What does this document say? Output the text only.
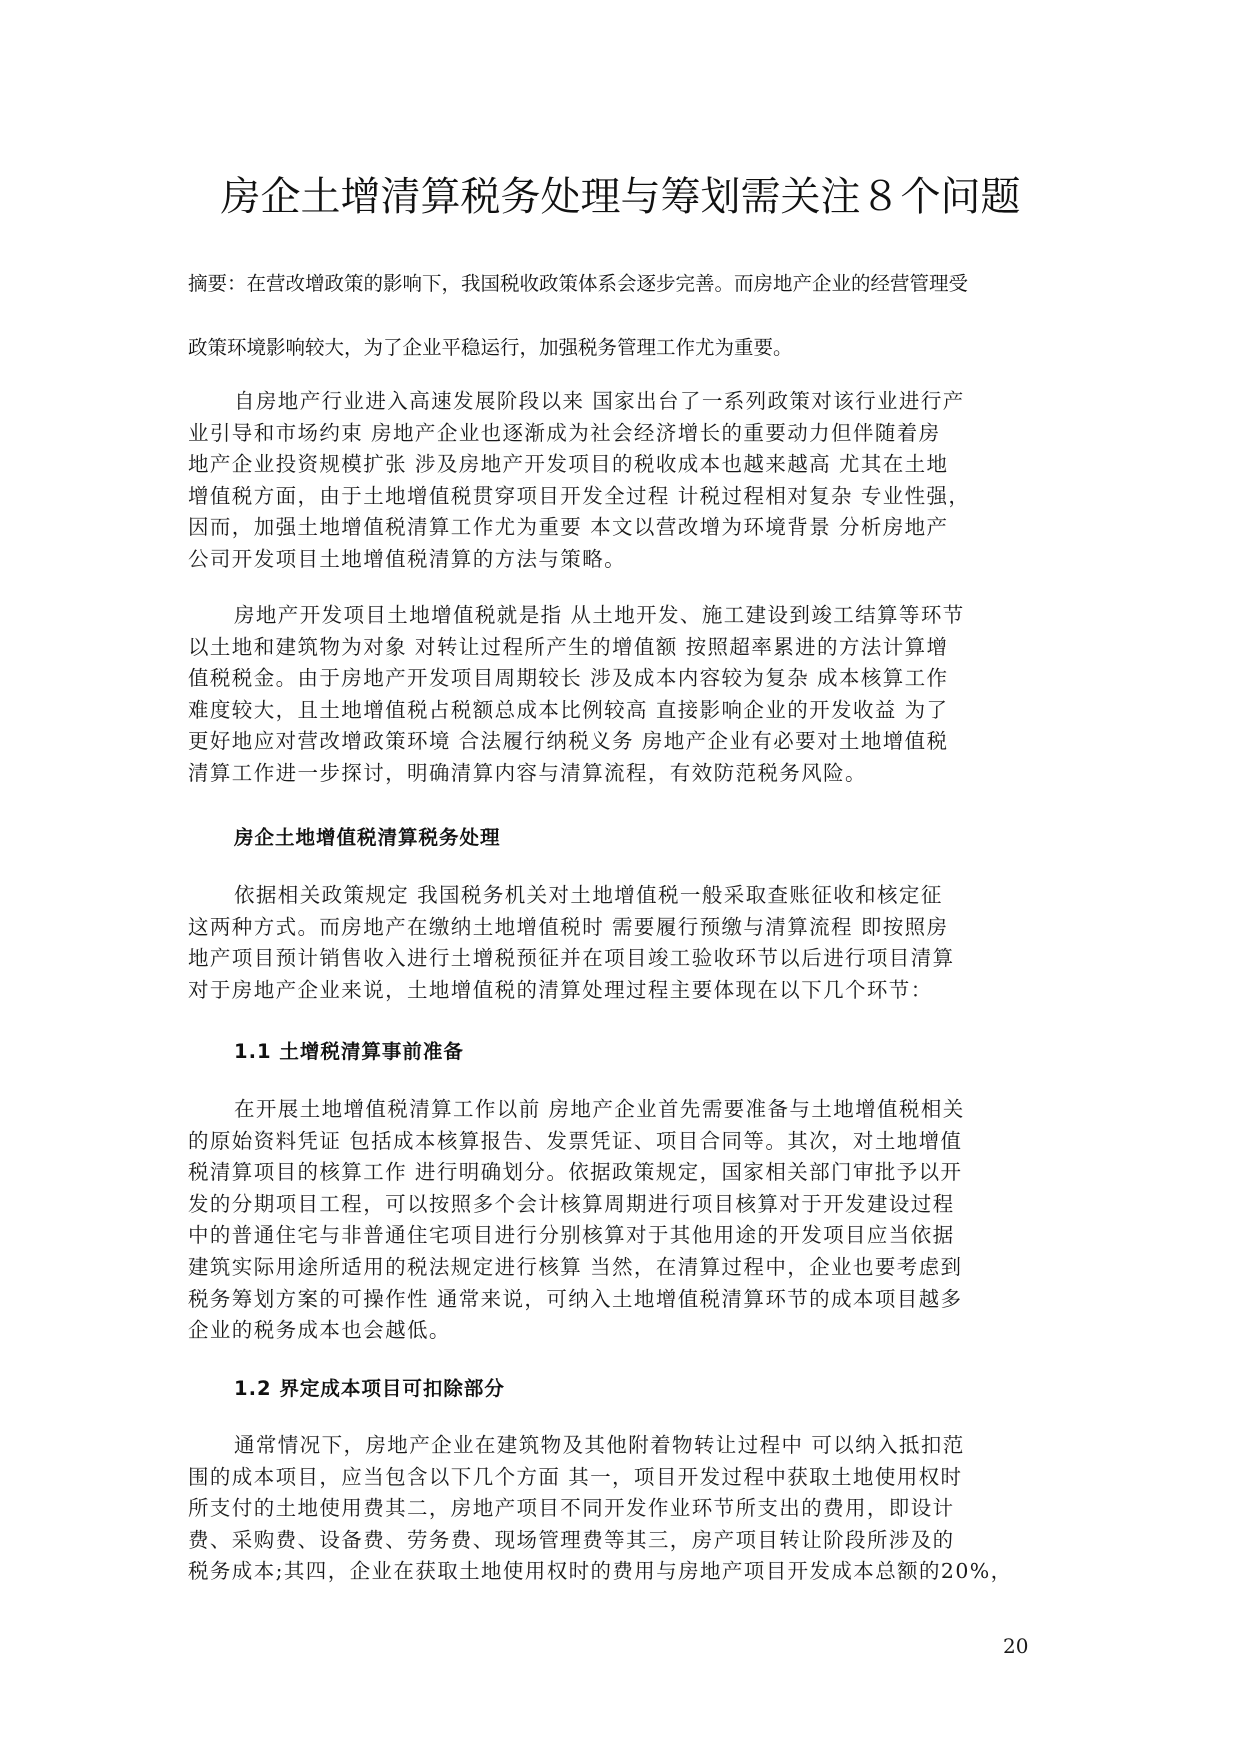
房企土增清算税务处理与筹划需关注８个问题
摘要：在营改增政策的影响下，我国税收政策体系会逐步完善。而房地产企业的经营管理受
政策环境影响较大，为了企业平稳运行，加强税务管理工作尤为重要。
自房地产行业进入高速发展阶段以来 国家出台了一系列政策对该行业进行产
业引导和市场约束 房地产企业也逐渐成为社会经济增长的重要动力但伴随着房
地产企业投资规模扩张 涉及房地产开发项目的税收成本也越来越高 尤其在土地
增值税方面，由于土地增值税贯穿项目开发全过程 计税过程相对复杂 专业性强，
因而，加强土地增值税清算工作尤为重要 本文以营改增为环境背景 分析房地产
公司开发项目土地增值税清算的方法与策略。
房地产开发项目土地增值税就是指 从土地开发、施工建设到竣工结算等环节
以土地和建筑物为对象 对转让过程所产生的增值额 按照超率累进的方法计算增
值税税金。由于房地产开发项目周期较长 涉及成本内容较为复杂 成本核算工作
难度较大，且土地增值税占税额总成本比例较高 直接影响企业的开发收益 为了
更好地应对营改增政策环境 合法履行纳税义务 房地产企业有必要对土地增值税
清算工作进一步探讨，明确清算内容与清算流程，有效防范税务风险。
房企土地增值税清算税务处理
依据相关政策规定 我国税务机关对土地增值税一般采取查账征收和核定征
这两种方式。而房地产在缴纳土地增值税时 需要履行预缴与清算流程 即按照房
地产项目预计销售收入进行土增税预征并在项目竣工验收环节以后进行项目清算
对于房地产企业来说，土地增值税的清算处理过程主要体现在以下几个环节：
1.1 土增税清算事前准备
在开展土地增值税清算工作以前 房地产企业首先需要准备与土地增值税相关
的原始资料凭证 包括成本核算报告、发票凭证、项目合同等。其次，对土地增值
税清算项目的核算工作 进行明确划分。依据政策规定，国家相关部门审批予以开
发的分期项目工程，可以按照多个会计核算周期进行项目核算对于开发建设过程
中的普通住宅与非普通住宅项目进行分别核算对于其他用途的开发项目应当依据
建筑实际用途所适用的税法规定进行核算 当然，在清算过程中，企业也要考虑到
税务筹划方案的可操作性 通常来说，可纳入土地增值税清算环节的成本项目越多
企业的税务成本也会越低。
1.2 界定成本项目可扣除部分
通常情况下，房地产企业在建筑物及其他附着物转让过程中 可以纳入抵扣范
围的成本项目，应当包含以下几个方面 其一，项目开发过程中获取土地使用权时
所支付的土地使用费其二，房地产项目不同开发作业环节所支出的费用，即设计
费、采购费、设备费、劳务费、现场管理费等其三，房产项目转让阶段所涉及的
税务成本;其四，企业在获取土地使用权时的费用与房地产项目开发成本总额的20%，
20
